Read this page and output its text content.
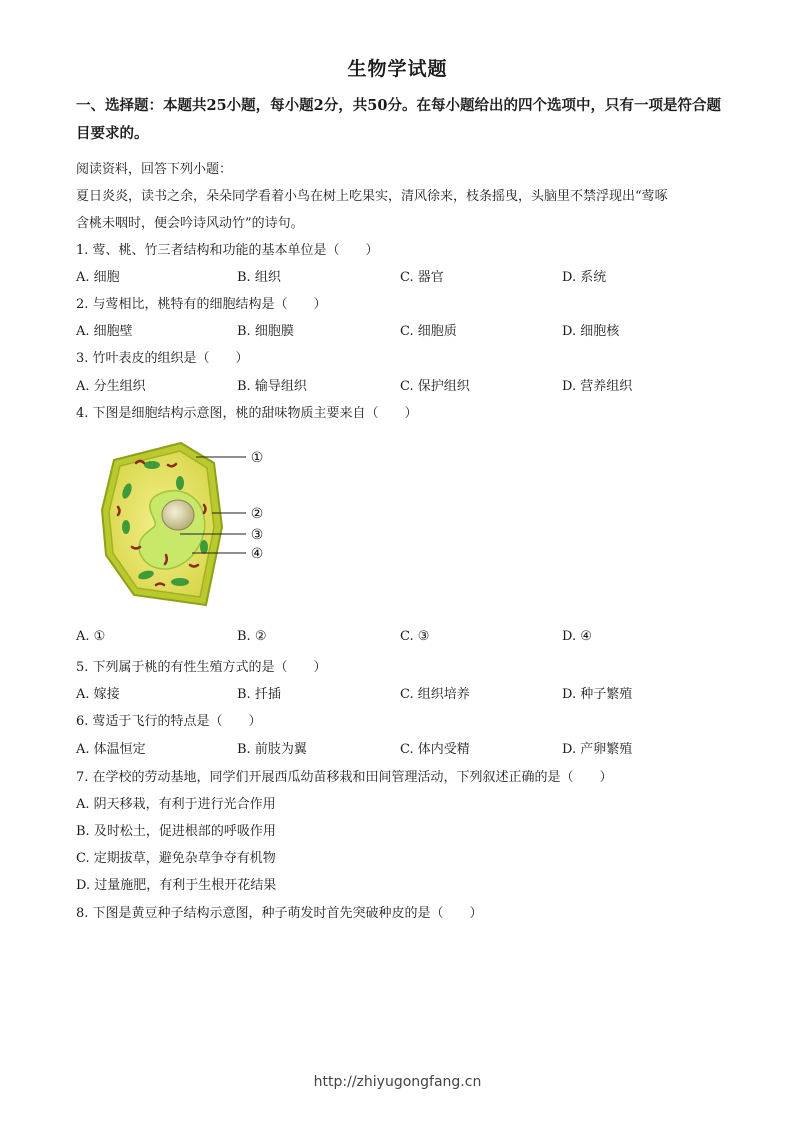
生物学试题
一、选择题：本题共25小题，每小题2分，共50分。在每小题给出的四个选项中，只有一项是符合题目要求的。
阅读资料，回答下列小题：
夏日炎炎，读书之余，朵朵同学看着小鸟在树上吃果实，清风徐来，枝条摇曳，头脑里不禁浮现出“莺啄
含桃未咽时，便会吟诗风动竹”的诗句。
1. 莺、桃、竹三者结构和功能的基本单位是（　　）
A. 细胞	B. 组织	C. 器官	D. 系统
2. 与莺相比，桃特有的细胞结构是（　　）
A. 细胞壁	B. 细胞膜	C. 细胞质	D. 细胞核
3. 竹叶表皮的组织是（　　）
A. 分生组织	B. 输导组织	C. 保护组织	D. 营养组织
4. 下图是细胞结构示意图，桃的甜味物质主要来自（　　）
①
②
③
④
A. ①	B. ②	C. ③	D. ④
5. 下列属于桃的有性生殖方式的是（　　）
A. 嫁接	B. 扦插	C. 组织培养	D. 种子繁殖
6. 莺适于飞行的特点是（　　）
A. 体温恒定	B. 前肢为翼	C. 体内受精	D. 产卵繁殖
7. 在学校的劳动基地，同学们开展西瓜幼苗移栽和田间管理活动，下列叙述正确的是（　　）
A. 阴天移栽，有利于进行光合作用
B. 及时松土，促进根部的呼吸作用
C. 定期拔草，避免杂草争夺有机物
D. 过量施肥，有利于生根开花结果
8. 下图是黄豆种子结构示意图，种子萌发时首先突破种皮的是（　　）
http://zhiyugongfang.cn
